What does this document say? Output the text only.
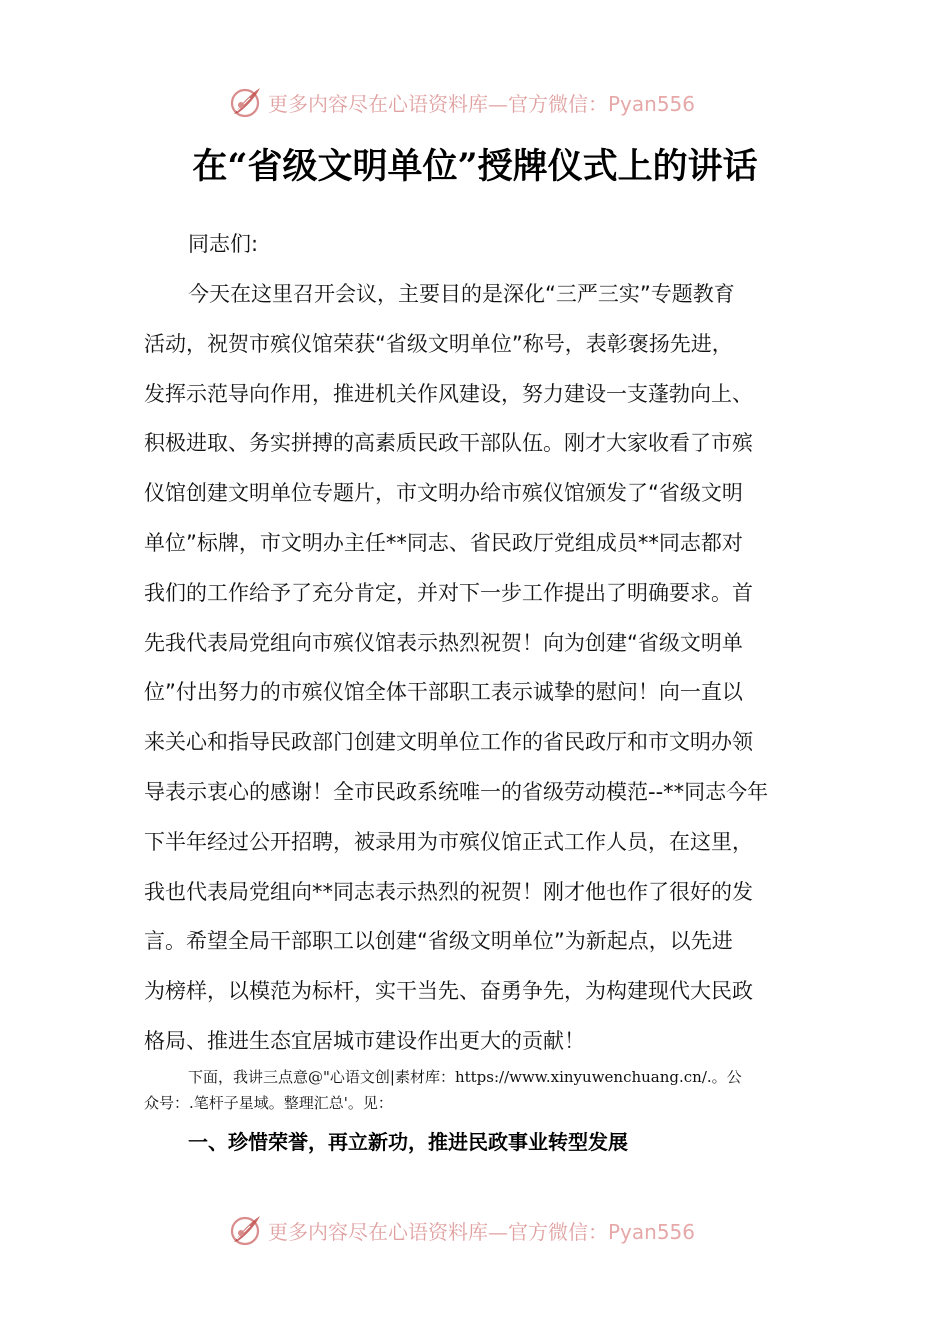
更多内容尽在心语资料库—官方微信：Pyan556
在“省级文明单位”授牌仪式上的讲话
同志们:
今天在这里召开会议，主要目的是深化“三严三实”专题教育
活动，祝贺市殡仪馆荣获“省级文明单位”称号，表彰褒扬先进，
发挥示范导向作用，推进机关作风建设，努力建设一支蓬勃向上、
积极进取、务实拼搏的高素质民政干部队伍。刚才大家收看了市殡
仪馆创建文明单位专题片，市文明办给市殡仪馆颁发了“省级文明
单位”标牌，市文明办主任**同志、省民政厅党组成员**同志都对
我们的工作给予了充分肯定，并对下一步工作提出了明确要求。首
先我代表局党组向市殡仪馆表示热烈祝贺！向为创建“省级文明单
位”付出努力的市殡仪馆全体干部职工表示诚挚的慰问！向一直以
来关心和指导民政部门创建文明单位工作的省民政厅和市文明办领
导表示衷心的感谢！全市民政系统唯一的省级劳动模范--**同志今年
下半年经过公开招聘，被录用为市殡仪馆正式工作人员，在这里，
我也代表局党组向**同志表示热烈的祝贺！刚才他也作了很好的发
言。希望全局干部职工以创建“省级文明单位”为新起点，以先进
为榜样，以模范为标杆，实干当先、奋勇争先，为构建现代大民政
格局、推进生态宜居城市建设作出更大的贡献！
下面，我讲三点意@"心语文创|素材库：https://www.xinyuwenchuang.cn/.。公
众号：.笔杆子星域。整理汇总'。见：
一、珍惜荣誉，再立新功，推进民政事业转型发展
更多内容尽在心语资料库—官方微信：Pyan556
